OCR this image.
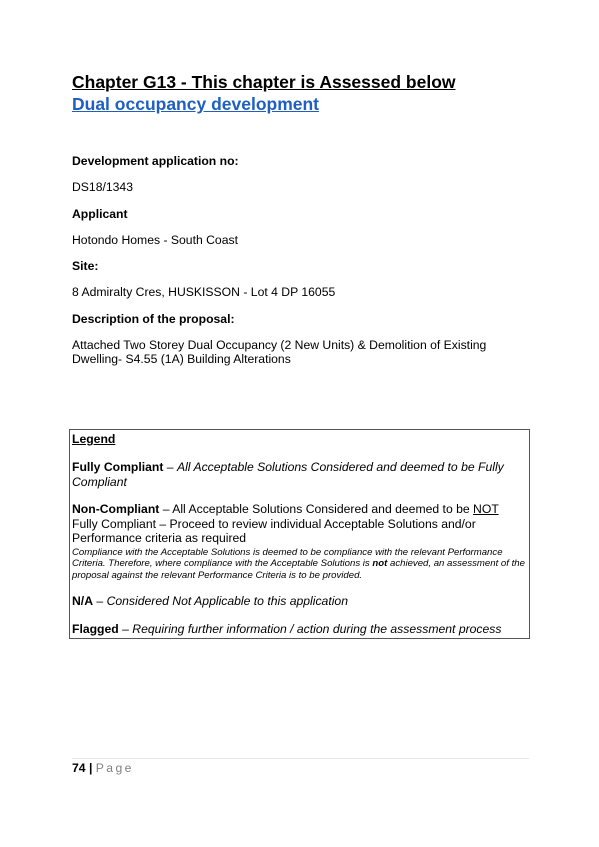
Chapter G13 - This chapter is Assessed below
Dual occupancy development

Development application no:

DS18/1343

Applicant

Hotondo Homes - South Coast

Site:

8 Admiralty Cres, HUSKISSON - Lot 4 DP 16055

Description of the proposal:

Attached Two Storey Dual Occupancy (2 New Units) & Demolition of Existing Dwelling- S4.55 (1A) Building Alterations
Legend
Fully Compliant – All Acceptable Solutions Considered and deemed to be Fully Compliant
Non-Compliant – All Acceptable Solutions Considered and deemed to be NOT Fully Compliant – Proceed to review individual Acceptable Solutions and/or Performance criteria as required
Compliance with the Acceptable Solutions is deemed to be compliance with the relevant Performance Criteria. Therefore, where compliance with the Acceptable Solutions is not achieved, an assessment of the proposal against the relevant Performance Criteria is to be provided.
N/A – Considered Not Applicable to this application
Flagged – Requiring further information / action during the assessment process
74 | Page
